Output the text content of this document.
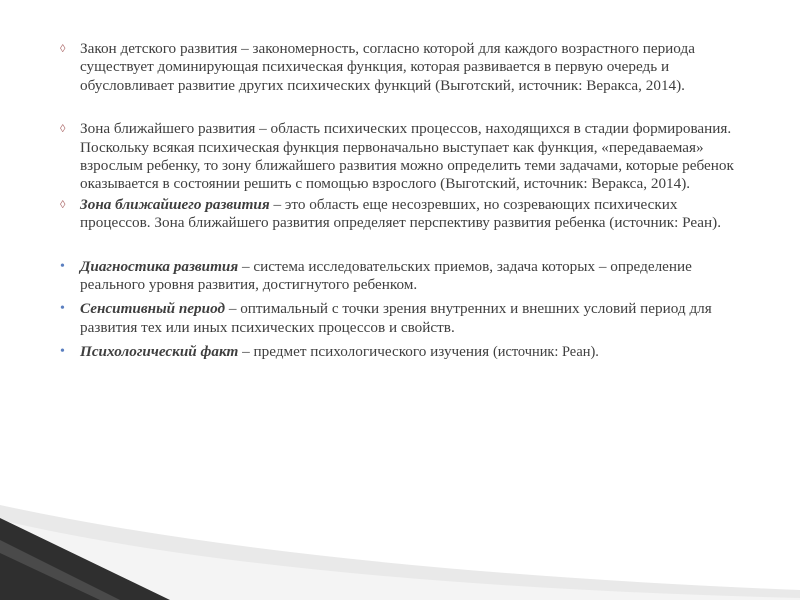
◊ Закон детского развития – закономерность, согласно которой для каждого возрастного периода существует доминирующая психическая функция, которая развивается в первую очередь и обусловливает развитие других психических функций (Выготский, источник: Веракса, 2014).
◊ Зона ближайшего развития – область психических процессов, находящихся в стадии формирования. Поскольку всякая психическая функция первоначально выступает как функция, «передаваемая» взрослым ребенку, то зону ближайшего развития можно определить теми задачами, которые ребенок оказывается в состоянии решить с помощью взрослого (Выготский, источник: Веракса, 2014).
◊ Зона ближайшего развития – это область еще несозревших, но созревающих психических процессов. Зона ближайшего развития определяет перспективу развития ребенка (источник: Реан).
• Диагностика развития – система исследовательских приемов, задача которых – определение реального уровня развития, достигнутого ребенком.
• Сенситивный период – оптимальный с точки зрения внутренних и внешних условий период для развития тех или иных психических процессов и свойств.
• Психологический факт – предмет психологического изучения (источник: Реан).
